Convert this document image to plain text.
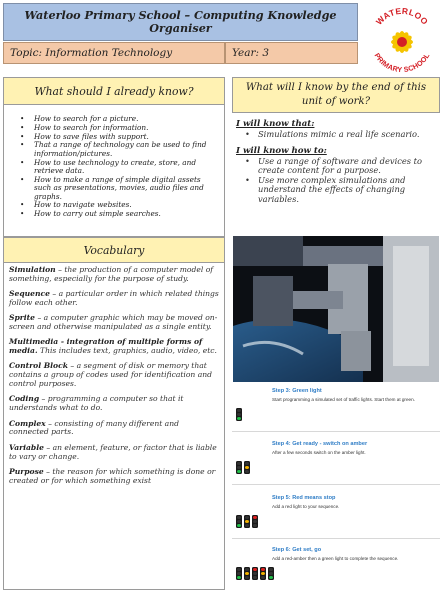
Waterloo Primary School – Computing Knowledge Organiser
Topic: Information Technology	Year: 3
WATERLOO
PRIMARY SCHOOL
What should I already know?
• How to search for a picture.
• How to search for information.
• How to save files with support.
• That a range of technology can be used to find information/pictures.
• How to use technology to create, store, and retrieve data.
• How to make a range of simple digital assets such as presentations, movies, audio files and graphs.
• How to navigate websites.
• How to carry out simple searches.
Vocabulary
Simulation – the production of a computer model of something, especially for the purpose of study.
Sequence – a particular order in which related things follow each other.
Sprite – a computer graphic which may be moved on-screen and otherwise manipulated as a single entity.
Multimedia - integration of multiple forms of media. This includes text, graphics, audio, video, etc.
Control Block – a segment of disk or memory that contains a group of codes used for identification and control purposes.
Coding – programming a computer so that it understands what to do.
Complex – consisting of many different and connected parts.
Variable – an element, feature, or factor that is liable to vary or change.
Purpose – the reason for which something is done or created or for which something exist
What will I know by the end of this unit of work?
I will know that:
• Simulations mimic a real life scenario.
I will know how to:
• Use a range of software and devices to create content for a purpose.
• Use more complex simulations and understand the effects of changing variables.
Step 3: Green light
Start programming a simulated set of traffic lights. Start them at green.
Step 4: Get ready - switch on amber
After a few seconds switch on the amber light.
Step 5: Red means stop
Add a red light to your sequence.
Step 6: Get set, go
Add a red-amber then a green light to complete the sequence.
